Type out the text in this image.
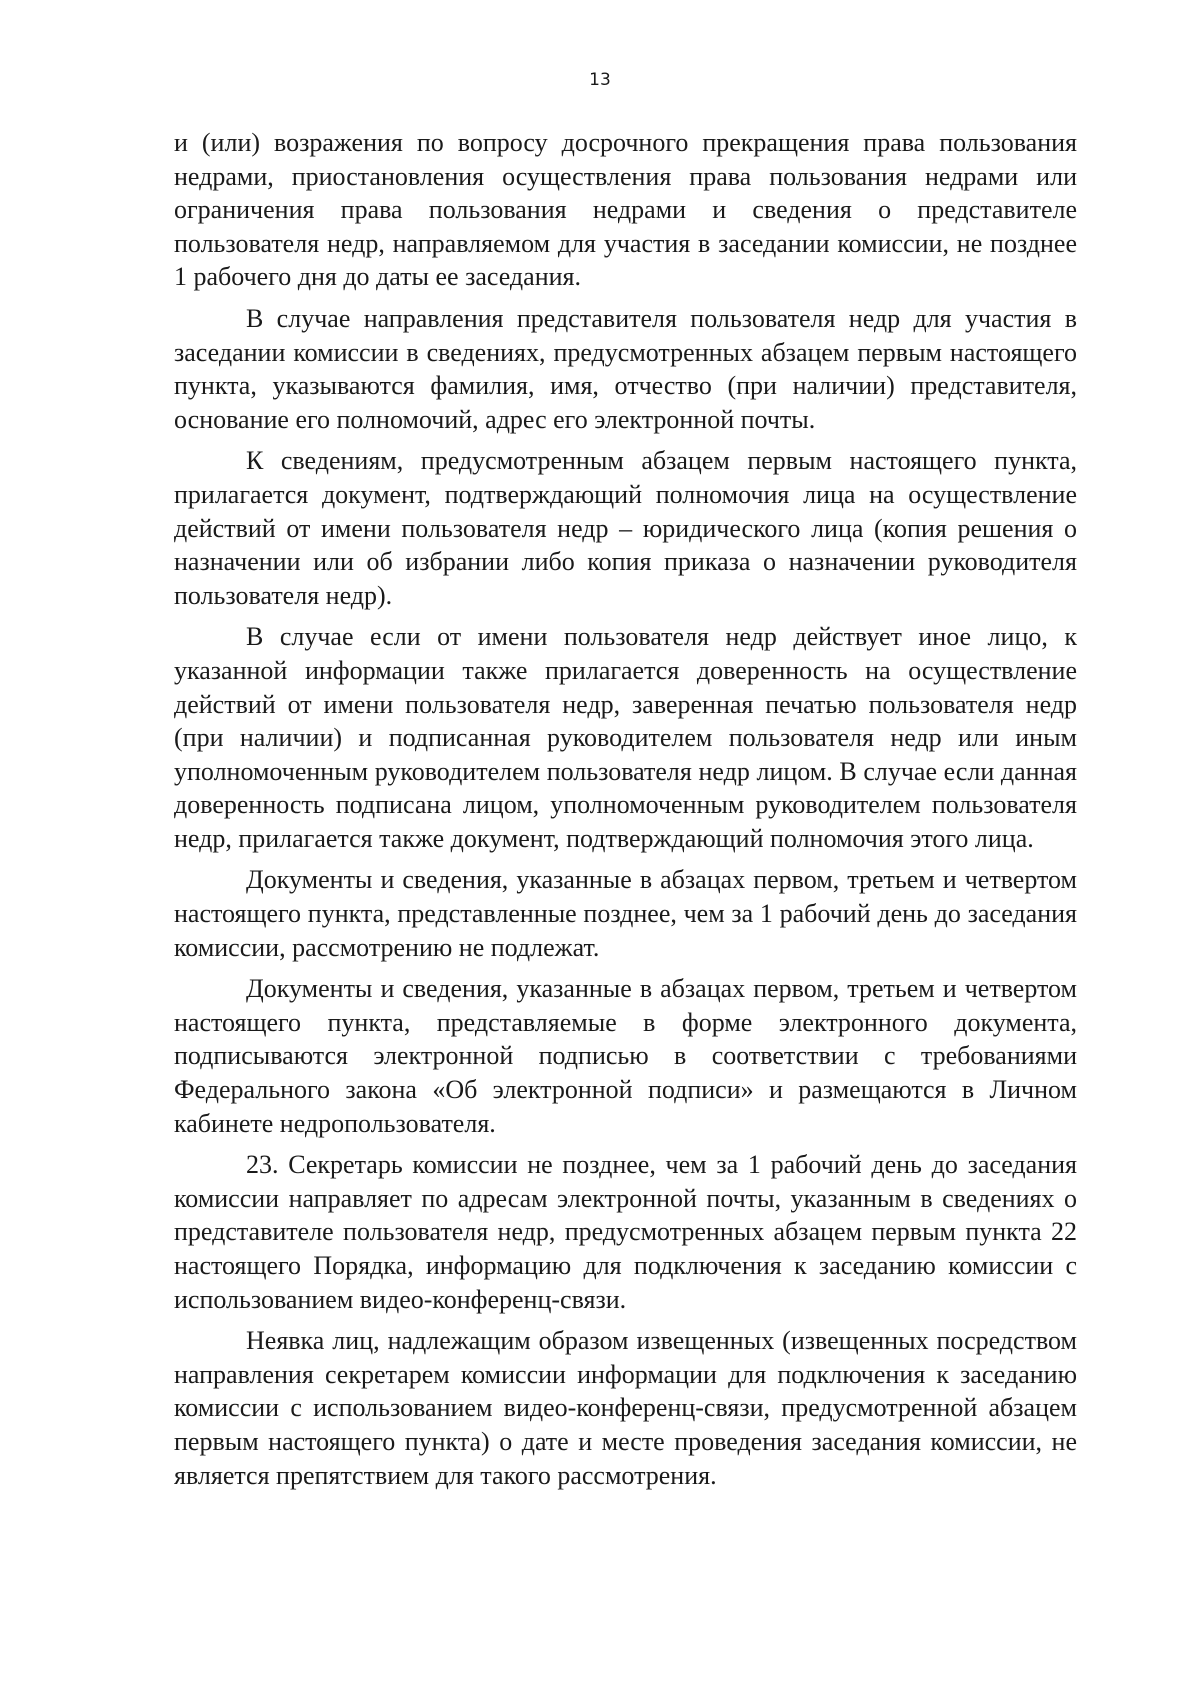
13

и (или) возражения по вопросу досрочного прекращения права пользования недрами, приостановления осуществления права пользования недрами или ограничения права пользования недрами и сведения о представителе пользователя недр, направляемом для участия в заседании комиссии, не позднее 1 рабочего дня до даты ее заседания.

В случае направления представителя пользователя недр для участия в заседании комиссии в сведениях, предусмотренных абзацем первым настоящего пункта, указываются фамилия, имя, отчество (при наличии) представителя, основание его полномочий, адрес его электронной почты.

К сведениям, предусмотренным абзацем первым настоящего пункта, прилагается документ, подтверждающий полномочия лица на осуществление действий от имени пользователя недр – юридического лица (копия решения о назначении или об избрании либо копия приказа о назначении руководителя пользователя недр).

В случае если от имени пользователя недр действует иное лицо, к указанной информации также прилагается доверенность на осуществление действий от имени пользователя недр, заверенная печатью пользователя недр (при наличии) и подписанная руководителем пользователя недр или иным уполномоченным руководителем пользователя недр лицом. В случае если данная доверенность подписана лицом, уполномоченным руководителем пользователя недр, прилагается также документ, подтверждающий полномочия этого лица.

Документы и сведения, указанные в абзацах первом, третьем и четвертом настоящего пункта, представленные позднее, чем за 1 рабочий день до заседания комиссии, рассмотрению не подлежат.

Документы и сведения, указанные в абзацах первом, третьем и четвертом настоящего пункта, представляемые в форме электронного документа, подписываются электронной подписью в соответствии с требованиями Федерального закона «Об электронной подписи» и размещаются в Личном кабинете недропользователя.

23. Секретарь комиссии не позднее, чем за 1 рабочий день до заседания комиссии направляет по адресам электронной почты, указанным в сведениях о представителе пользователя недр, предусмотренных абзацем первым пункта 22 настоящего Порядка, информацию для подключения к заседанию комиссии с использованием видео-конференц-связи.

Неявка лиц, надлежащим образом извещенных (извещенных посредством направления секретарем комиссии информации для подключения к заседанию комиссии с использованием видео-конференц-связи, предусмотренной абзацем первым настоящего пункта) о дате и месте проведения заседания комиссии, не является препятствием для такого рассмотрения.
